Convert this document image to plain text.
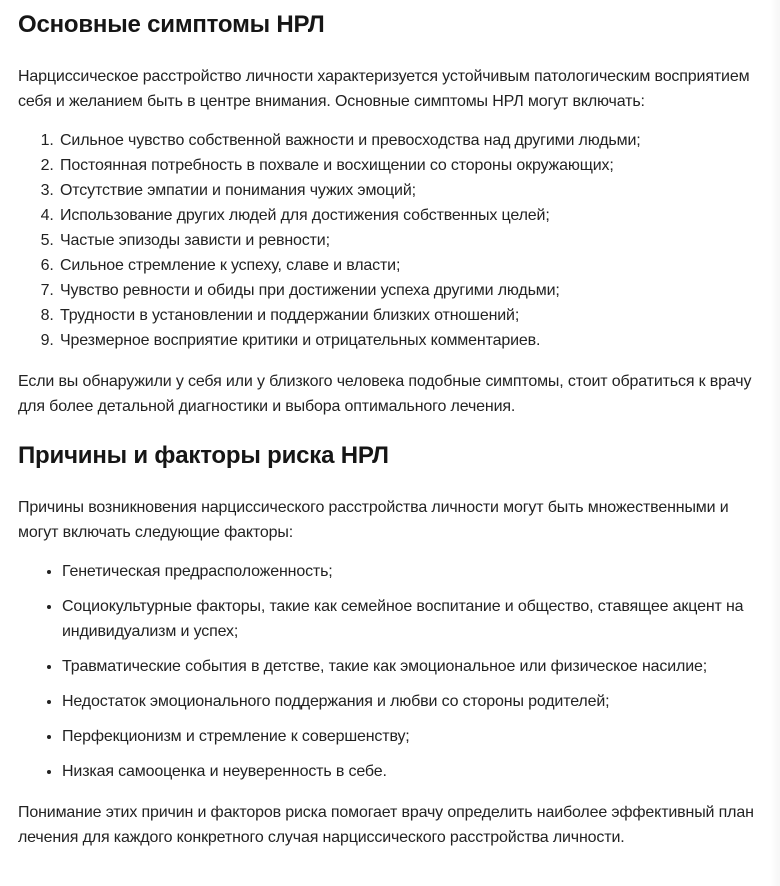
Основные симптомы НРЛ

Нарциссическое расстройство личности характеризуется устойчивым патологическим восприятием себя и желанием быть в центре внимания. Основные симптомы НРЛ могут включать:

1. Сильное чувство собственной важности и превосходства над другими людьми;
2. Постоянная потребность в похвале и восхищении со стороны окружающих;
3. Отсутствие эмпатии и понимания чужих эмоций;
4. Использование других людей для достижения собственных целей;
5. Частые эпизоды зависти и ревности;
6. Сильное стремление к успеху, славе и власти;
7. Чувство ревности и обиды при достижении успеха другими людьми;
8. Трудности в установлении и поддержании близких отношений;
9. Чрезмерное восприятие критики и отрицательных комментариев.

Если вы обнаружили у себя или у близкого человека подобные симптомы, стоит обратиться к врачу для более детальной диагностики и выбора оптимального лечения.

Причины и факторы риска НРЛ

Причины возникновения нарциссического расстройства личности могут быть множественными и могут включать следующие факторы:

• Генетическая предрасположенность;
• Социокультурные факторы, такие как семейное воспитание и общество, ставящее акцент на индивидуализм и успех;
• Травматические события в детстве, такие как эмоциональное или физическое насилие;
• Недостаток эмоционального поддержания и любви со стороны родителей;
• Перфекционизм и стремление к совершенству;
• Низкая самооценка и неуверенность в себе.

Понимание этих причин и факторов риска помогает врачу определить наиболее эффективный план лечения для каждого конкретного случая нарциссического расстройства личности.
